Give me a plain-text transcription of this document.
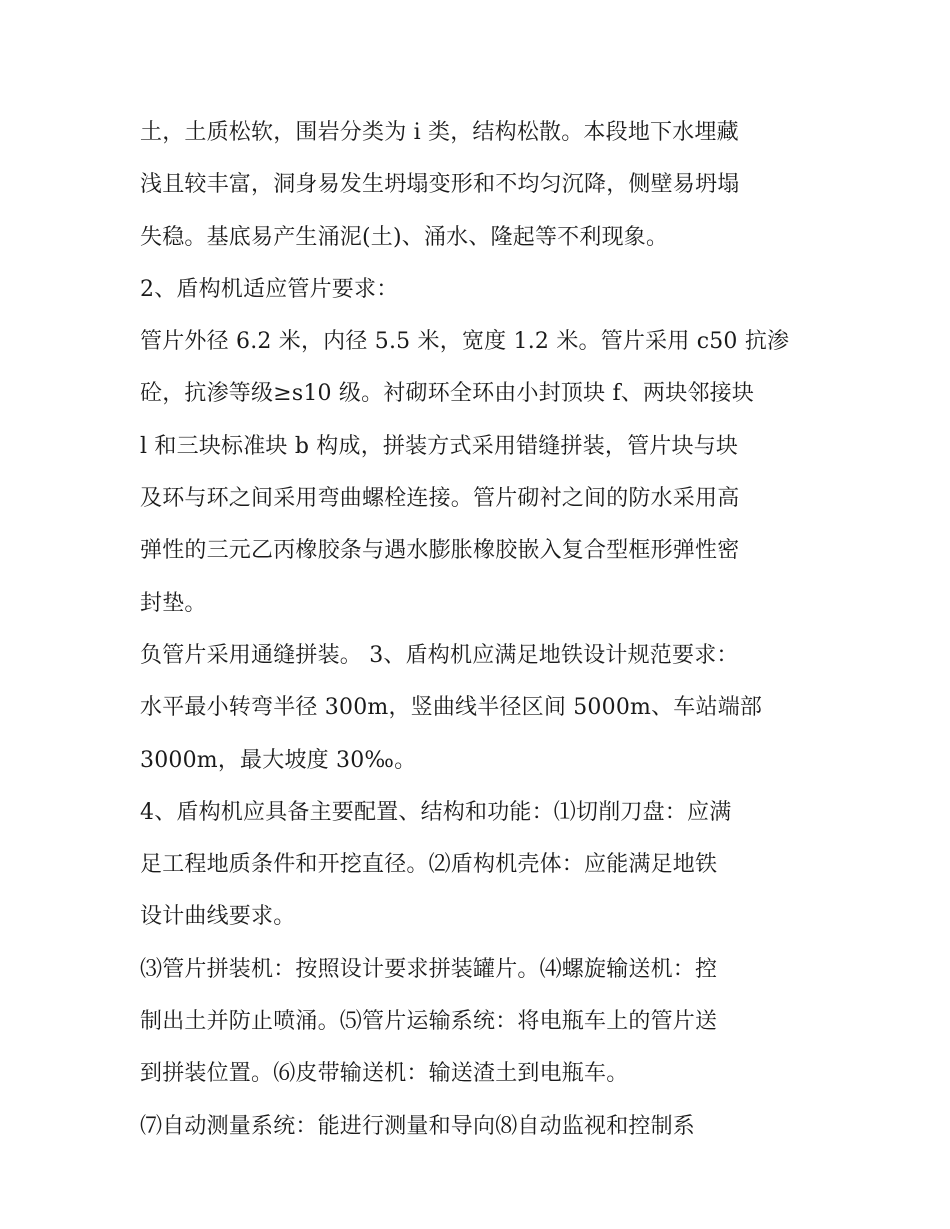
土，土质松软，围岩分类为 i 类，结构松散。本段地下水埋藏
浅且较丰富，洞身易发生坍塌变形和不均匀沉降，侧壁易坍塌
失稳。基底易产生涌泥(土)、涌水、隆起等不利现象。
2、盾构机适应管片要求：
管片外径 6.2 米，内径 5.5 米，宽度 1.2 米。管片采用 c50 抗渗
砼，抗渗等级≥s10 级。衬砌环全环由小封顶块 f、两块邻接块
l 和三块标准块 b 构成，拼装方式采用错缝拼装，管片块与块
及环与环之间采用弯曲螺栓连接。管片砌衬之间的防水采用高
弹性的三元乙丙橡胶条与遇水膨胀橡胶嵌入复合型框形弹性密
封垫。
负管片采用通缝拼装。 3、盾构机应满足地铁设计规范要求：
水平最小转弯半径 300m，竖曲线半径区间 5000m、车站端部
3000m，最大坡度 30‰。
4、盾构机应具备主要配置、结构和功能：⑴切削刀盘：应满
足工程地质条件和开挖直径。⑵盾构机壳体：应能满足地铁
设计曲线要求。
⑶管片拼装机：按照设计要求拼装罐片。⑷螺旋输送机：控
制出土并防止喷涌。⑸管片运输系统：将电瓶车上的管片送
到拼装位置。⑹皮带输送机：输送渣土到电瓶车。
⑺自动测量系统：能进行测量和导向⑻自动监视和控制系
